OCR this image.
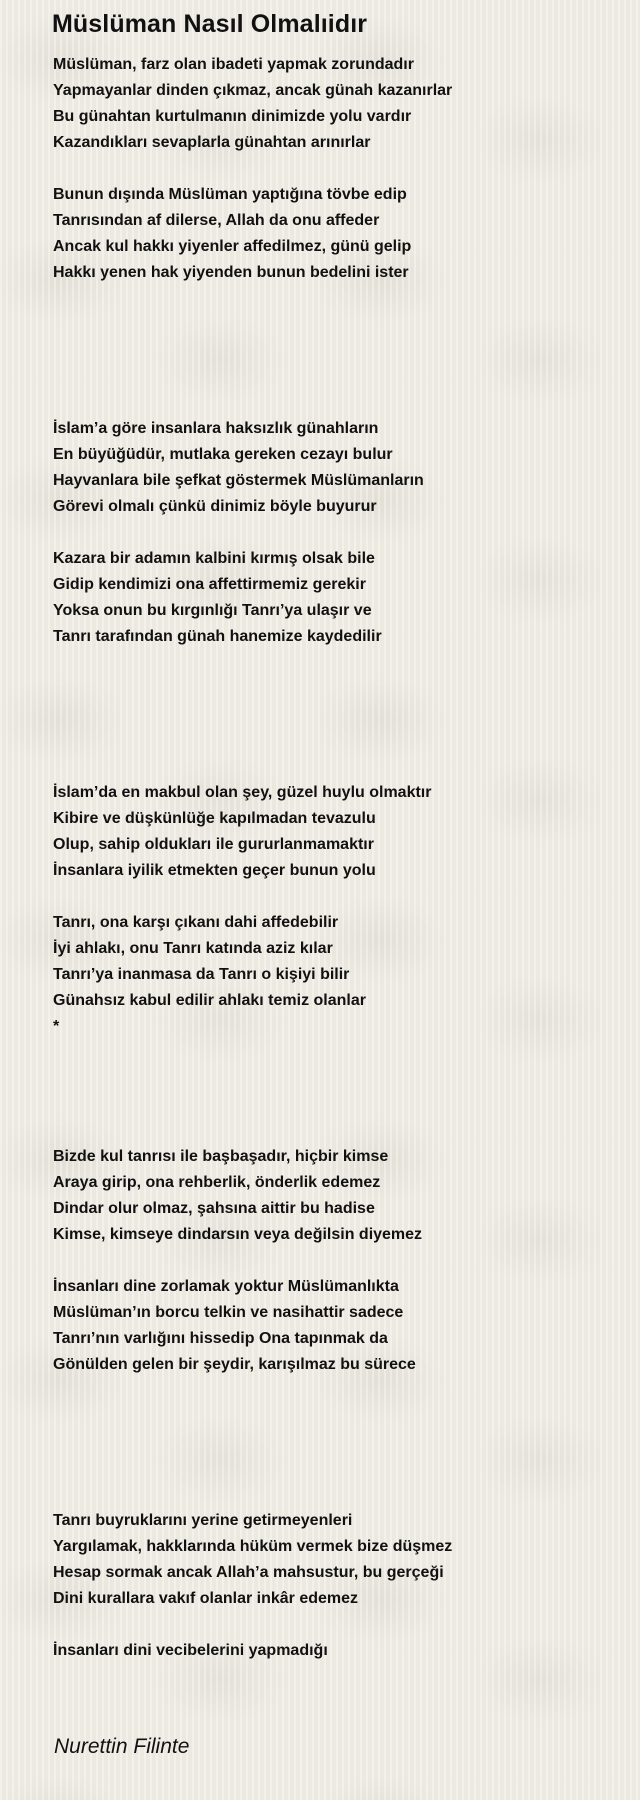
Müslüman Nasıl Olmalıidır
Müslüman, farz olan ibadeti yapmak zorundadır
Yapmayanlar dinden çıkmaz, ancak günah kazanırlar
Bu günahtan kurtulmanın dinimizde yolu vardır
Kazandıkları sevaplarla günahtan arınırlar
Bunun dışında Müslüman yaptığına tövbe edip
Tanrısından af dilerse, Allah da onu affeder
Ancak kul hakkı yiyenler affedilmez, günü gelip
Hakkı yenen hak yiyenden bunun bedelini ister
İslam’a göre insanlara haksızlık günahların
En büyüğüdür, mutlaka gereken cezayı bulur
Hayvanlara bile şefkat göstermek Müslümanların
Görevi olmalı çünkü dinimiz böyle buyurur
Kazara bir adamın kalbini kırmış olsak bile
Gidip kendimizi ona affettirmemiz gerekir
Yoksa onun bu kırgınlığı Tanrı’ya ulaşır ve
Tanrı tarafından günah hanemize kaydedilir
İslam’da en makbul olan şey, güzel huylu olmaktır
Kibire ve düşkünlüğe kapılmadan tevazulu
Olup, sahip oldukları ile gururlanmamaktır
İnsanlara iyilik etmekten geçer bunun yolu
Tanrı, ona karşı çıkanı dahi affedebilir
İyi ahlakı, onu Tanrı katında aziz kılar
Tanrı’ya inanmasa da Tanrı o kişiyi bilir
Günahsız kabul edilir ahlakı temiz olanlar
*
Bizde kul tanrısı ile başbaşadır, hiçbir kimse
Araya girip, ona rehberlik, önderlik edemez
Dindar olur olmaz, şahsına aittir bu hadise
Kimse, kimseye dindarsın veya değilsin diyemez
İnsanları dine zorlamak yoktur Müslümanlıkta
Müslüman’ın borcu telkin ve nasihattir sadece
Tanrı’nın varlığını hissedip Ona tapınmak da
Gönülden gelen bir şeydir, karışılmaz bu sürece
Tanrı buyruklarını yerine getirmeyenleri
Yargılamak, hakklarında hüküm vermek bize düşmez
Hesap sormak ancak Allah’a mahsustur, bu gerçeği
Dini kurallara vakıf olanlar inkâr edemez
İnsanları dini vecibelerini yapmadığı
Nurettin Filinte
